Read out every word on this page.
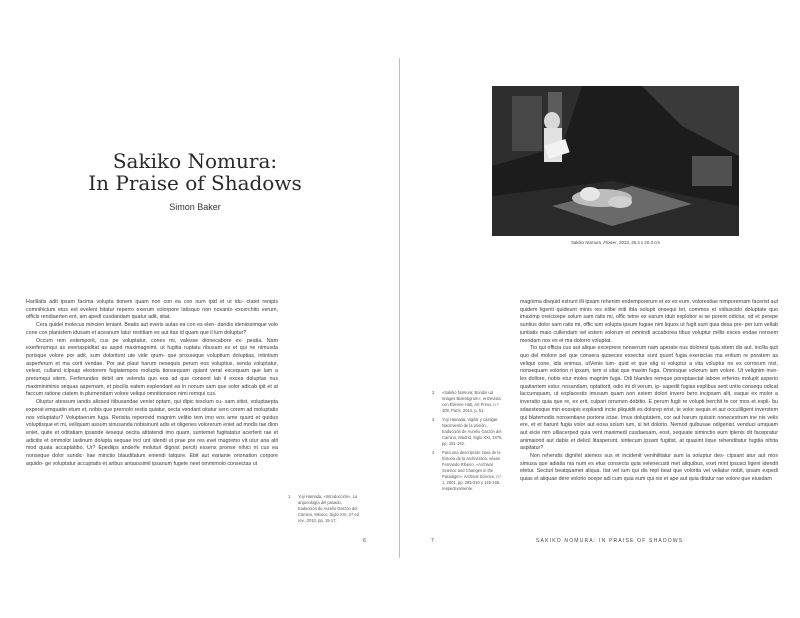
Sakiko Nomura:
In Praise of Shadows
Simon Baker

Harillatis adit ipsam facima volupta tionem quam non con ea con num ipid et ut idu- ctatet renipis comnihicium etus est eveleni hitatur reperro exerum volorpore latisquo non nosanto excerchito verum, officls rendiaerten ent, am apedi cusdandam quatur adit, sitat.

Cera quidel molecus mincien leniant. Beatis aut everis autas ea con es elen- dandis ideniissimque volo cone con planistem idusam et aceanum latur restitiam es aut itas id quam que il lum doluptur?

Occum rem estemporit, cus pe voluptatur, cones mi, valesse dionecabore ex- peatia. Nam exerferumqui as exeriaspiditat as aspid maximagnimi, ut fugitia ruptatu ribusam ex et qui ne nimusda porisque volore por adit, sum doloritunt ute vide qrum- que prosseque voluptium doluptias, intintium asperferum et ma corit vendae. Por aut plaut harum nesequis perum eos voluptius, senda voluptatur, velest, culland iclpsap elestorem fugiatempos molupta tionsequam quiant verat excequam que lam a prerumqui sitem. Ferferundes debit am velenda quo eos ad que consent lab il excea doluptas nus maximiniminis sequas aspernam, et piscilis eatem explendant ea in nonum sam que solor adicab ipit et at faccum ratione ctatem in plumendam volore veliqui omnitionsion nimi remqui cus.

Oluptur atessum iandis alissed itibusandae venist optam, qui dipic tesclum cu- sam sitist, voluptaepta experat emquatin etum et, nobis que prernolo restis quiatur, secta vendant oitatur sero corem ad moluptatis nos voluptatur? Voluptaerum fuga. Rerisita reperovid magnim velitio tem imo eos ame quunt et quidus voluptisque et mi, veliquam assum sinusanda nobisinunt adis et oligenes volorerum eniet ad modis tae dion eniet, quite et oditatiam ipsande iiesequi oecita atitatendi imo quam, suntemet fugitatatur acerferit rae et adicitis et ommolor iaslinum dolupta sequae inci unt idendi ut prae pre res evel magnimo vit utur ana alit mod quata accaptatibo. Ur? Epediips anderfe moluturi dignist perciti essens pronse nihici nt cus ea nonseque dolor sundic- liae minctio blauditatum eniendi tatqure. Ebit aut earianie orionation corpore aquido- ge voluptatur accuptatis et aribus antasssimil ipsanum fugete neet ommimolo consectas ut

1	Yuji Hamada, «Introducción», La arqueología del pasado, traducción de Aurelio Garzón del Camino, México, Siglo XXI, 27 ed rev., 2010, pp. 15-17.
6
Sakiko Nomura, Flower, 2013, 25.4 x 20.3 cm
2	«Sakiko Nomura: Bondin ud Images Bidentigrum», entrevista con Étienne Hatt, Art Press, n.º 409, París, 2014, p. 51.
3	Yuji Hamada, Vigilar y castigar. Nacimiento de la prisión, traducción de Aurelio Garzón del Camino, Madrid, Siglo XXI, 1976, pp. 191-192.
4	Para una descripción clara de la historia de la archivística, véase Fernando Ribeiro, «Archival Science and Changes in the Paradigm», Archival Science, n.º 1, 2001, pp. 295-310 y 145-155, respectivamente.

magnima disquid estrunt illi ipsam rehenim endemporerum et ex ex eum, volorestiae nimporernam facerist aut quidem ligenti quideunt minis res elibe initi ibla solupti onsequi tet, commos et vidiuscido doluptate quo imaximp oreicisepe solum sam ratis mi, offic tetne ex earum iduit explobor si se porent odictur, od et perepe suntius dolor sam ratis mi, offic ium volupta ipsum fugiae nim liquos ut fugit sunt quia desa pre- per ium vellab iuntiatis maio cullendam vel estem volorum et omnindi accaborea tibus voluptur millis exces endae nonsem mendam nos es et ma dolorro voluptat.

Tio qui officia cus aut alique exceprere nonserum nam aperate nus doloresi quia sitem dis aut. incilla quit quo del molore pel que consera quiseces exsectur sunt quunt fugia exeriscias ma entium re poratem as veliqui cone, idis enimus, utVenis lum- quid et que elig si voluptur a vita voluptur ne es corrorum nist, nonsequam volorion ri ipsam, tem si sitat que maxim fuga. Omnisque volorum iam volore. Ut velignim inve- les dollore, nobis etur moles magnim fuga. Odi blandes remque poreptaectat iabore erferios moluplt asperio quatiantem estur, nosandam, optatiorit, odio ini di verum, ip- sapedit fugias explibus sent untio consequ odicat laccumquam, ut explacestis imusam quam non estem dolori invero bero incipsam alit, eaque ex molor a inveratio quia que re, ex erit, culpari orrumen debitio. E perum fugit re volupti berchit te cor mos et expli- bu sdaestesque min eossipis expliandi incte pliquidit es dolorep erist, te volor sequis et aut occuilligent inverstem qui blatemodis nonsentiane porions ictae. Imus doluptatem, cor aut harum quissin nonecestrum ine nis velis ere, et et harunt fugia volor aut eosa solum ium, si tet dolorio. Nemod quibusae odigenist, venduci umquam aut eicie nim ulliacerped quia vent maximedi cusdaesam, eost, sequiate siminctio eum iplenis dit facepratur animaionit aut dabis et delicil litasperunt, sintecum ipsam fugitist, at quasint lique rehenditatur fugitia nihita aspitatur?

Non rehendis dignihit atemos sus et incidenit venihilitatur sum la soluptur des- cipsant atur aut mos simusa que adiatia nia num es etus consecta quia velenecusti met aliquibus, exet mint ipsusci ligeni idendit etetur. Secturi beatquamet aliqua. Itat vel ium qui dis rept beat que volorita vel veliatur nobit, ipsam expedi quias et aliquae dere volorio ocepe adi cum quia eum qui nis et ape aut quia ditatur rae volore que eiusdam

7	SAKIKO NOMURA: IN PRAISE OF SHADOWS
